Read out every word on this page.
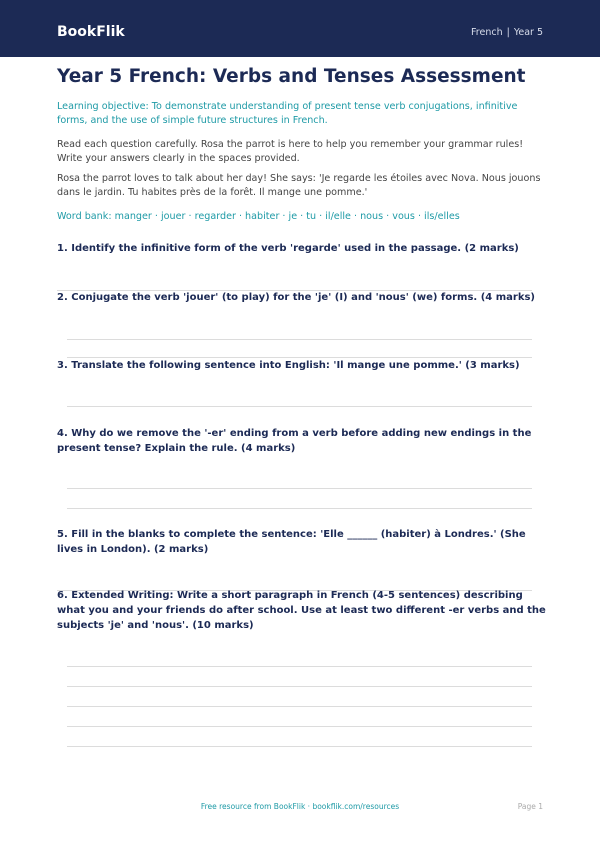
BookFlik	French | Year 5
Year 5 French: Verbs and Tenses Assessment
Learning objective: To demonstrate understanding of present tense verb conjugations, infinitive forms, and the use of simple future structures in French.
Read each question carefully. Rosa the parrot is here to help you remember your grammar rules! Write your answers clearly in the spaces provided.
Rosa the parrot loves to talk about her day! She says: 'Je regarde les étoiles avec Nova. Nous jouons dans le jardin. Tu habites près de la forêt. Il mange une pomme.'
Word bank: manger · jouer · regarder · habiter · je · tu · il/elle · nous · vous · ils/elles
1. Identify the infinitive form of the verb 'regarde' used in the passage. (2 marks)
2. Conjugate the verb 'jouer' (to play) for the 'je' (I) and 'nous' (we) forms. (4 marks)
3. Translate the following sentence into English: 'Il mange une pomme.' (3 marks)
4. Why do we remove the '-er' ending from a verb before adding new endings in the present tense? Explain the rule. (4 marks)
5. Fill in the blanks to complete the sentence: 'Elle ______ (habiter) à Londres.' (She lives in London). (2 marks)
6. Extended Writing: Write a short paragraph in French (4-5 sentences) describing what you and your friends do after school. Use at least two different -er verbs and the subjects 'je' and 'nous'. (10 marks)
Free resource from BookFlik · bookflik.com/resources	Page 1
